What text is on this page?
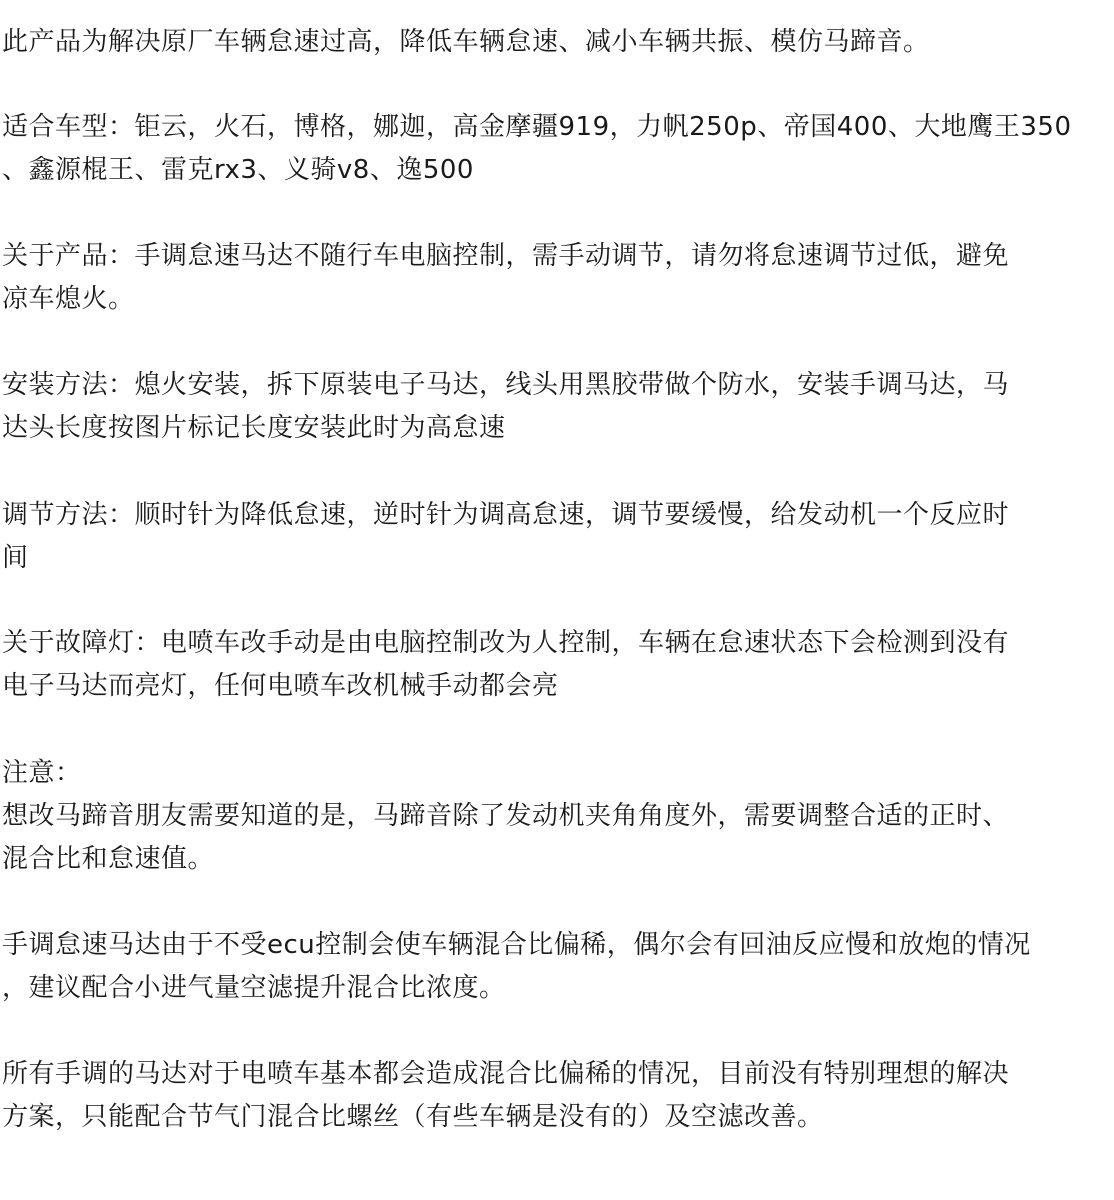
此产品为解决原厂车辆怠速过高，降低车辆怠速、减小车辆共振、模仿马蹄音。
适合车型：钜云，火石，博格，娜迦，高金摩疆919，力帆250p、帝国400、大地鹰王350
、鑫源棍王、雷克rx3、义骑v8、逸500
关于产品：手调怠速马达不随行车电脑控制，需手动调节，请勿将怠速调节过低，避免
凉车熄火。
安装方法：熄火安装，拆下原装电子马达，线头用黑胶带做个防水，安装手调马达，马
达头长度按图片标记长度安装此时为高怠速
调节方法：顺时针为降低怠速，逆时针为调高怠速，调节要缓慢，给发动机一个反应时
间
关于故障灯：电喷车改手动是由电脑控制改为人控制，车辆在怠速状态下会检测到没有
电子马达而亮灯，任何电喷车改机械手动都会亮
注意：
想改马蹄音朋友需要知道的是，马蹄音除了发动机夹角角度外，需要调整合适的正时、
混合比和怠速值。
手调怠速马达由于不受ecu控制会使车辆混合比偏稀，偶尔会有回油反应慢和放炮的情况
，建议配合小进气量空滤提升混合比浓度。
所有手调的马达对于电喷车基本都会造成混合比偏稀的情况，目前没有特别理想的解决
方案，只能配合节气门混合比螺丝（有些车辆是没有的）及空滤改善。
